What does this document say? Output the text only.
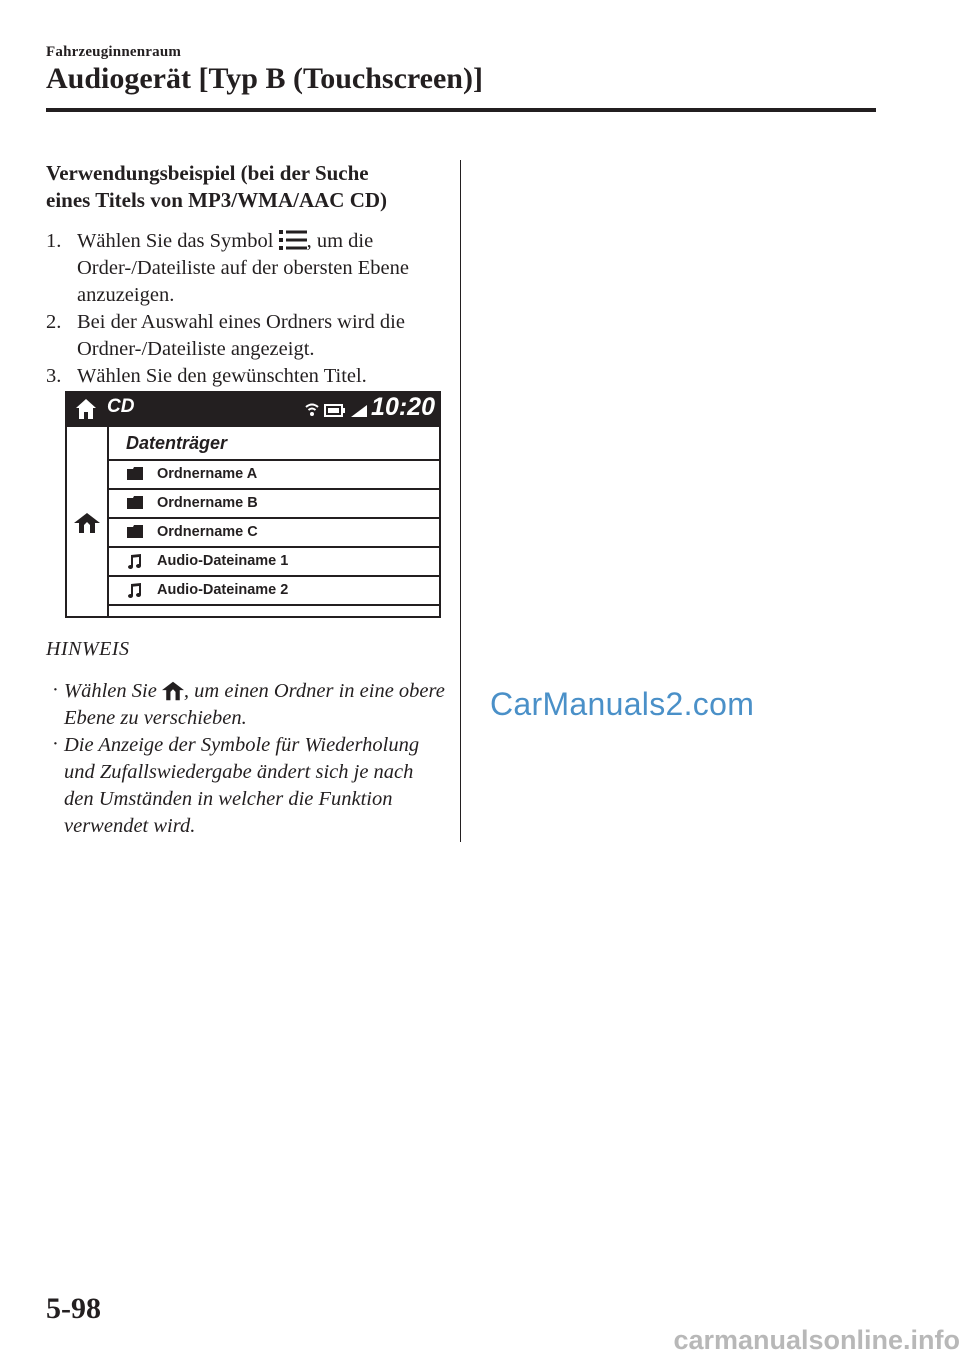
Fahrzeuginnenraum
Audiogerät [Typ B (Touchscreen)]
Verwendungsbeispiel (bei der Suche
eines Titels von MP3/WMA/AAC CD)
1. Wählen Sie das Symbol , um die Order-/Dateiliste auf der obersten Ebene anzuzeigen.
2. Bei der Auswahl eines Ordners wird die Ordner-/Dateiliste angezeigt.
3. Wählen Sie den gewünschten Titel.
CD	10:20
Datenträger
Ordnername A
Ordnername B
Ordnername C
Audio-Dateiname 1
Audio-Dateiname 2
HINWEIS
· Wählen Sie , um einen Ordner in eine obere Ebene zu verschieben.
· Die Anzeige der Symbole für Wiederholung und Zufallswiedergabe ändert sich je nach den Umständen in welcher die Funktion verwendet wird.
CarManuals2.com
5-98
carmanualsonline.info
